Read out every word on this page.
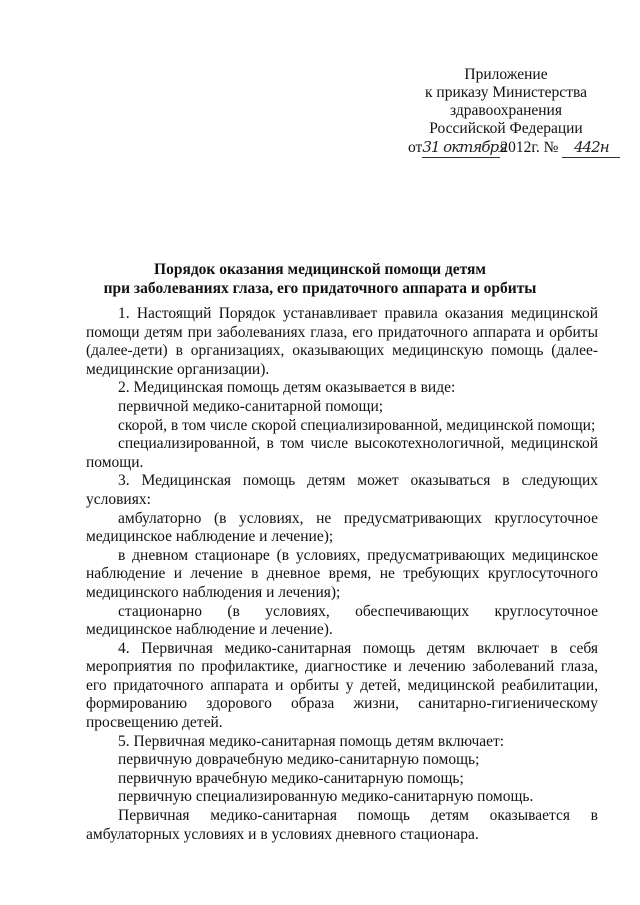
Приложение
к приказу Министерства
здравоохранения
Российской Федерации
от31 октября2012г. № 442н
Порядок оказания медицинской помощи детям
при заболеваниях глаза, его придаточного аппарата и орбиты

1. Настоящий Порядок устанавливает правила оказания медицинской помощи детям при заболеваниях глаза, его придаточного аппарата и орбиты (далее-дети) в организациях, оказывающих медицинскую помощь (далее-медицинские организации).

2. Медицинская помощь детям оказывается в виде:

первичной медико-санитарной помощи;

скорой, в том числе скорой специализированной, медицинской помощи;

специализированной, в том числе высокотехнологичной, медицинской помощи.

3. Медицинская помощь детям может оказываться в следующих условиях:

амбулаторно (в условиях, не предусматривающих круглосуточное медицинское наблюдение и лечение);

в дневном стационаре (в условиях, предусматривающих медицинское наблюдение и лечение в дневное время, не требующих круглосуточного медицинского наблюдения и лечения);

стационарно (в условиях, обеспечивающих круглосуточное медицинское наблюдение и лечение).

4. Первичная медико-санитарная помощь детям включает в себя мероприятия по профилактике, диагностике и лечению заболеваний глаза, его придаточного аппарата и орбиты у детей, медицинской реабилитации, формированию здорового образа жизни, санитарно-гигиеническому просвещению детей.

5. Первичная медико-санитарная помощь детям включает:

первичную доврачебную медико-санитарную помощь;

первичную врачебную медико-санитарную помощь;

первичную специализированную медико-санитарную помощь.

Первичная медико-санитарная помощь детям оказывается в амбулаторных условиях и в условиях дневного стационара.
